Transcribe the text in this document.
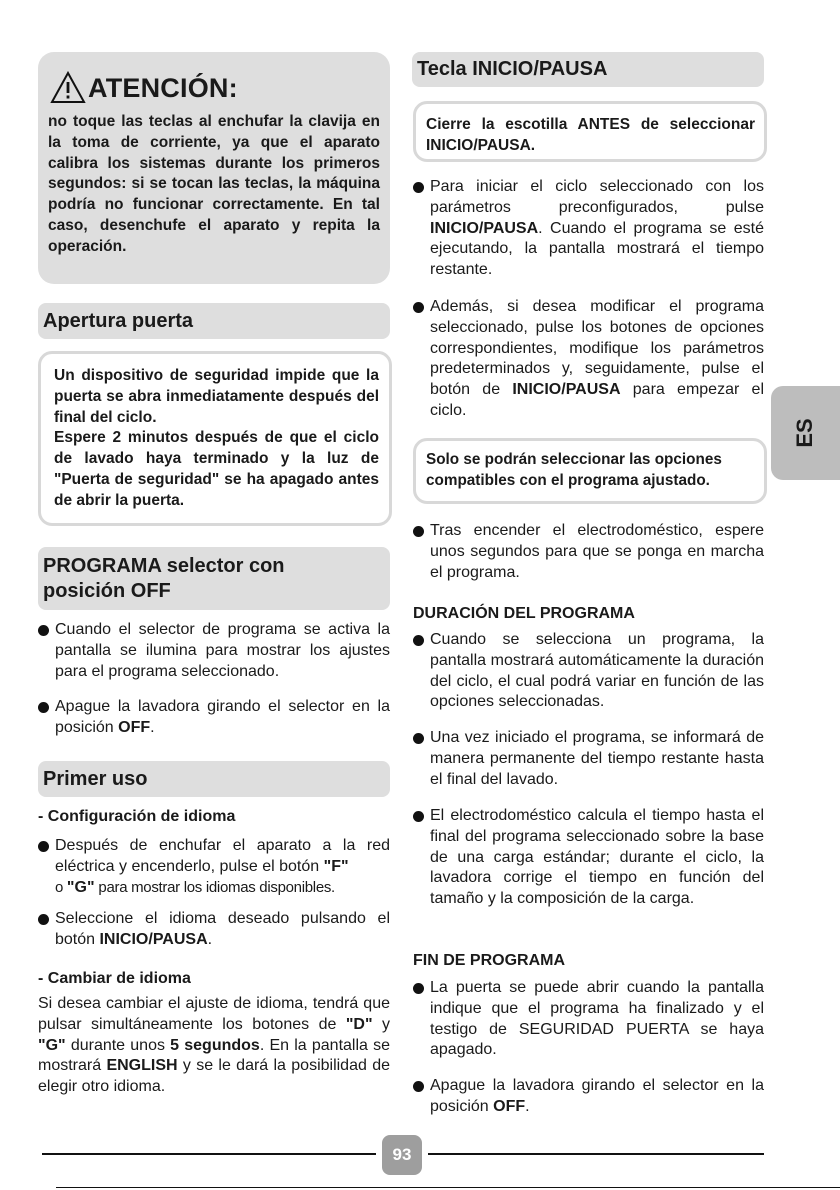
ATENCIÓN:
no toque las teclas al enchufar la clavija en la toma de corriente, ya que el aparato calibra los sistemas durante los primeros segundos: si se tocan las teclas, la máquina podría no funcionar correctamente. En tal caso, desenchufe el aparato y repita la operación.
Apertura puerta
Un dispositivo de seguridad impide que la puerta se abra inmediatamente después del final del ciclo.
Espere 2 minutos después de que el ciclo de lavado haya terminado y la luz de "Puerta de seguridad" se ha apagado antes de abrir la puerta.
PROGRAMA selector con
posición OFF
Cuando el selector de programa se activa la pantalla se ilumina para mostrar los ajustes para el programa seleccionado.
Apague la lavadora girando el selector en la posición OFF.
Primer uso
- Configuración de idioma
Después de enchufar el aparato a la red eléctrica y encenderlo, pulse el botón "F"
o "G" para mostrar los idiomas disponibles.
Seleccione el idioma deseado pulsando el botón INICIO/PAUSA.
- Cambiar de idioma
Si desea cambiar el ajuste de idioma, tendrá que pulsar simultáneamente los botones de "D" y "G" durante unos 5 segundos. En la pantalla se mostrará ENGLISH y se le dará la posibilidad de elegir otro idioma.
Tecla INICIO/PAUSA
Cierre la escotilla ANTES de seleccionar INICIO/PAUSA.
Para iniciar el ciclo seleccionado con los parámetros preconfigurados, pulse INICIO/PAUSA. Cuando el programa se esté ejecutando, la pantalla mostrará el tiempo restante.
Además, si desea modificar el programa seleccionado, pulse los botones de opciones correspondientes, modifique los parámetros predeterminados y, seguidamente, pulse el botón de INICIO/PAUSA para empezar el ciclo.
Solo se podrán seleccionar las opciones compatibles con el programa ajustado.
Tras encender el electrodoméstico, espere unos segundos para que se ponga en marcha el programa.
DURACIÓN DEL PROGRAMA
Cuando se selecciona un programa, la pantalla mostrará automáticamente la duración del ciclo, el cual podrá variar en función de las opciones seleccionadas.
Una vez iniciado el programa, se informará de manera permanente del tiempo restante hasta el final del lavado.
El electrodoméstico calcula el tiempo hasta el final del programa seleccionado sobre la base de una carga estándar; durante el ciclo, la lavadora corrige el tiempo en función del tamaño y la composición de la carga.
FIN DE PROGRAMA
La puerta se puede abrir cuando la pantalla indique que el programa ha finalizado y el testigo de SEGURIDAD PUERTA se haya apagado.
Apague la lavadora girando el selector en la posición OFF.
ES
93
